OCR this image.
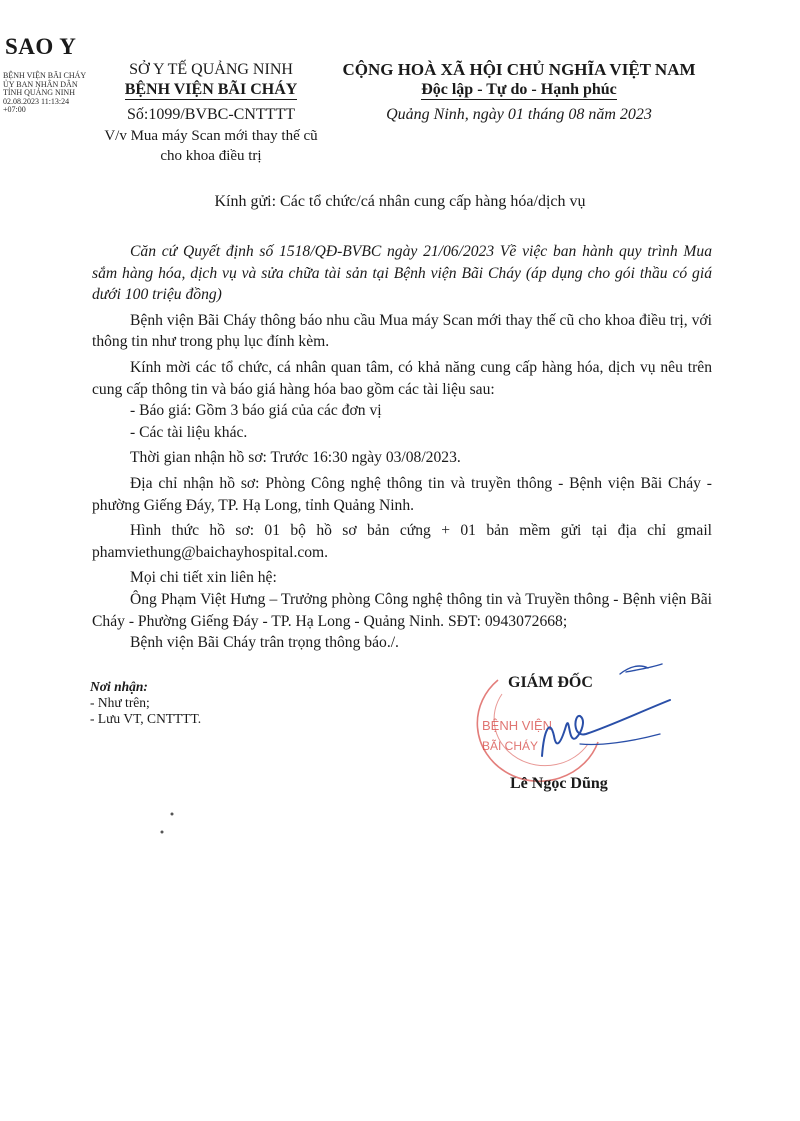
SAO Y
BỆNH VIỆN BÃI CHÁY
ỦY BAN NHÂN DÂN TỈNH QUẢNG NINH
02.08.2023 11:13:24 +07:00
SỞ Y TẾ QUẢNG NINH
BỆNH VIỆN BÃI CHÁY
Số:1099/BVBC-CNTTTT
V/v Mua máy Scan mới thay thế cũ
cho khoa điều trị
CỘNG HOÀ XÃ HỘI CHỦ NGHĨA VIỆT NAM
Độc lập - Tự do - Hạnh phúc
Quảng Ninh, ngày 01 tháng 08 năm 2023
Kính gửi: Các tổ chức/cá nhân cung cấp hàng hóa/dịch vụ

Căn cứ Quyết định số 1518/QĐ-BVBC ngày 21/06/2023 Về việc ban hành quy trình Mua sắm hàng hóa, dịch vụ và sửa chữa tài sản tại Bệnh viện Bãi Cháy (áp dụng cho gói thầu có giá dưới 100 triệu đồng)

Bệnh viện Bãi Cháy thông báo nhu cầu Mua máy Scan mới thay thế cũ cho khoa điều trị, với thông tin như trong phụ lục đính kèm.

Kính mời các tổ chức, cá nhân quan tâm, có khả năng cung cấp hàng hóa, dịch vụ nêu trên cung cấp thông tin và báo giá hàng hóa bao gồm các tài liệu sau:

- Báo giá: Gồm 3 báo giá của các đơn vị

- Các tài liệu khác.

Thời gian nhận hồ sơ: Trước 16:30 ngày 03/08/2023.

Địa chỉ nhận hồ sơ: Phòng Công nghệ thông tin và truyền thông - Bệnh viện Bãi Cháy - phường Giếng Đáy, TP. Hạ Long, tỉnh Quảng Ninh.

Hình thức hồ sơ: 01 bộ hồ sơ bản cứng + 01 bản mềm gửi tại địa chỉ gmail phamviethung@baichayhospital.com.

Mọi chi tiết xin liên hệ:

Ông Phạm Việt Hưng – Trưởng phòng Công nghệ thông tin và Truyền thông - Bệnh viện Bãi Cháy - Phường Giếng Đáy - TP. Hạ Long - Quảng Ninh. SĐT: 0943072668;

Bệnh viện Bãi Cháy trân trọng thông báo./.

Nơi nhận:
- Như trên;
- Lưu VT, CNTTTT.	BỆNH VIỆN
BÃI CHÁY
GIÁM ĐỐC
Lê Ngọc Dũng
